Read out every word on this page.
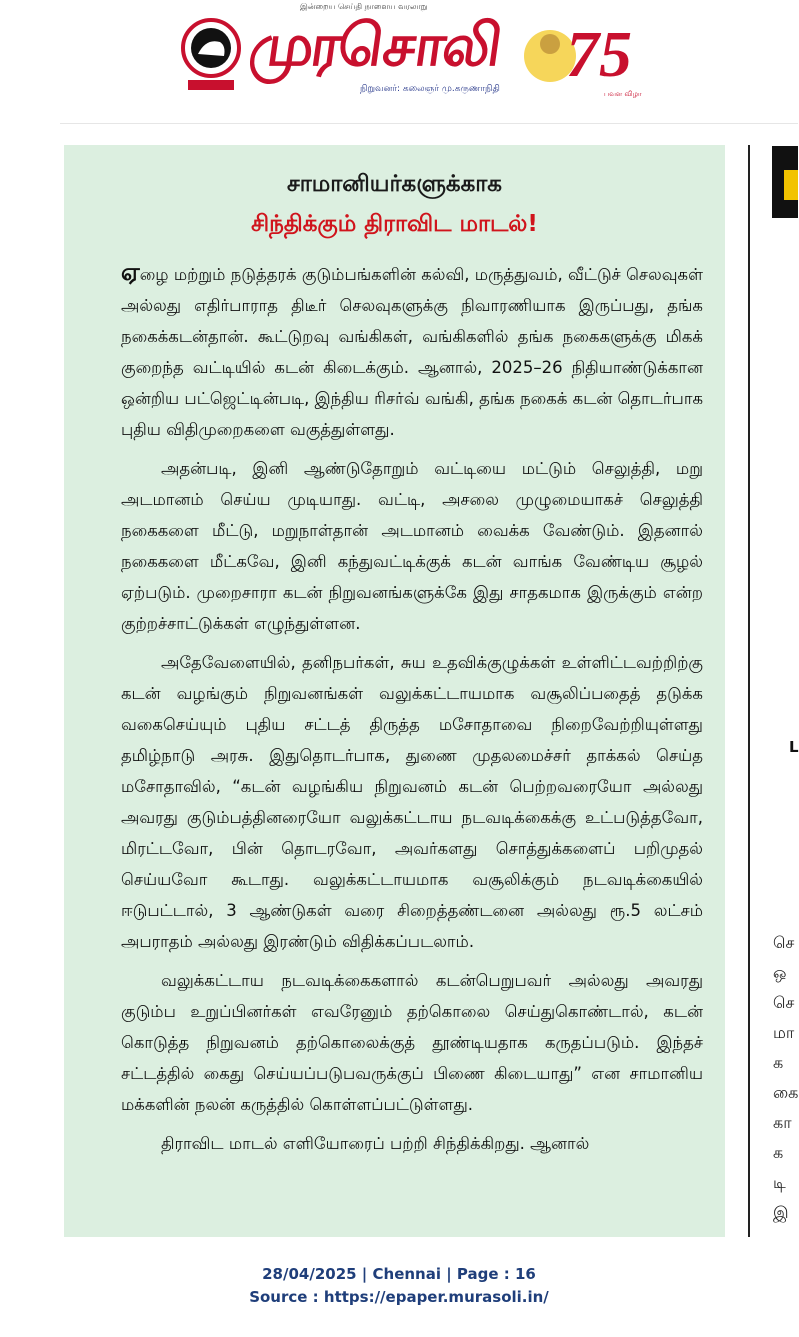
இன்றைய செய்தி நாளைய வரலாறு
முரசொலி
நிறுவனர்: கலைஞர் மு.கருணாநிதி 75
பவள விழா
சாமானியர்களுக்காக
சிந்திக்கும் திராவிட மாடல்!

ஏழை மற்றும் நடுத்தரக் குடும்பங்களின் கல்வி, மருத்துவம், வீட்டுச் செலவுகள் அல்லது எதிர்பாராத திடீர் செலவுகளுக்கு நிவாரணியாக இருப்பது, தங்க நகைக்கடன்தான். கூட்டுறவு வங்கிகள், வங்கிகளில் தங்க நகைகளுக்கு மிகக் குறைந்த வட்டியில் கடன் கிடைக்கும். ஆனால், 2025–26 நிதியாண்டுக்கான ஒன்றிய பட்ஜெட்டின்படி, இந்திய ரிசர்வ் வங்கி, தங்க நகைக் கடன் தொடர்பாக புதிய விதிமுறைகளை வகுத்துள்ளது.

அதன்படி, இனி ஆண்டுதோறும் வட்டியை மட்டும் செலுத்தி, மறு அடமானம் செய்ய முடியாது. வட்டி, அசலை முழுமையாகச் செலுத்தி நகைகளை மீட்டு, மறுநாள்தான் அடமானம் வைக்க வேண்டும். இதனால் நகைகளை மீட்கவே, இனி கந்துவட்டிக்குக் கடன் வாங்க வேண்டிய சூழல் ஏற்படும். முறைசாரா கடன் நிறுவனங்களுக்கே இது சாதகமாக இருக்கும் என்ற குற்றச்சாட்டுக்கள் எழுந்துள்ளன.

அதேவேளையில், தனிநபர்கள், சுய உதவிக்குழுக்கள் உள்ளிட்டவற்றிற்கு கடன் வழங்கும் நிறுவனங்கள் வலுக்கட்டாயமாக வசூலிப்பதைத் தடுக்க வகைசெய்யும் புதிய சட்டத் திருத்த மசோதாவை நிறைவேற்றியுள்ளது தமிழ்நாடு அரசு. இதுதொடர்பாக, துணை முதலமைச்சர் தாக்கல் செய்த மசோதாவில், “கடன் வழங்கிய நிறுவனம் கடன் பெற்றவரையோ அல்லது அவரது குடும்பத்தினரையோ வலுக்கட்டாய நடவடிக்கைக்கு உட்படுத்தவோ, மிரட்டவோ, பின் தொடரவோ, அவர்களது சொத்துக்களைப் பறிமுதல் செய்யவோ கூடாது. வலுக்கட்டாயமாக வசூலிக்கும் நடவடிக்கையில் ஈடுபட்டால், 3 ஆண்டுகள் வரை சிறைத்தண்டனை அல்லது ரூ.5 லட்சம் அபராதம் அல்லது இரண்டும் விதிக்கப்படலாம்.

வலுக்கட்டாய நடவடிக்கைகளால் கடன்பெறுபவர் அல்லது அவரது குடும்ப உறுப்பினர்கள் எவரேனும் தற்கொலை செய்துகொண்டால், கடன் கொடுத்த நிறுவனம் தற்கொலைக்குத் தூண்டியதாக கருதப்படும். இந்தச் சட்டத்தில் கைது செய்யப்படுபவருக்குப் பிணை கிடையாது” என சாமானிய மக்களின் நலன் கருத்தில் கொள்ளப்பட்டுள்ளது.

திராவிட மாடல் எளியோரைப் பற்றி சிந்திக்கிறது. ஆனால்

L
செ
ஒ
செ
மா
க
கை
கா
க
டி
இ
28/04/2025 | Chennai | Page : 16
Source : https://epaper.murasoli.in/
